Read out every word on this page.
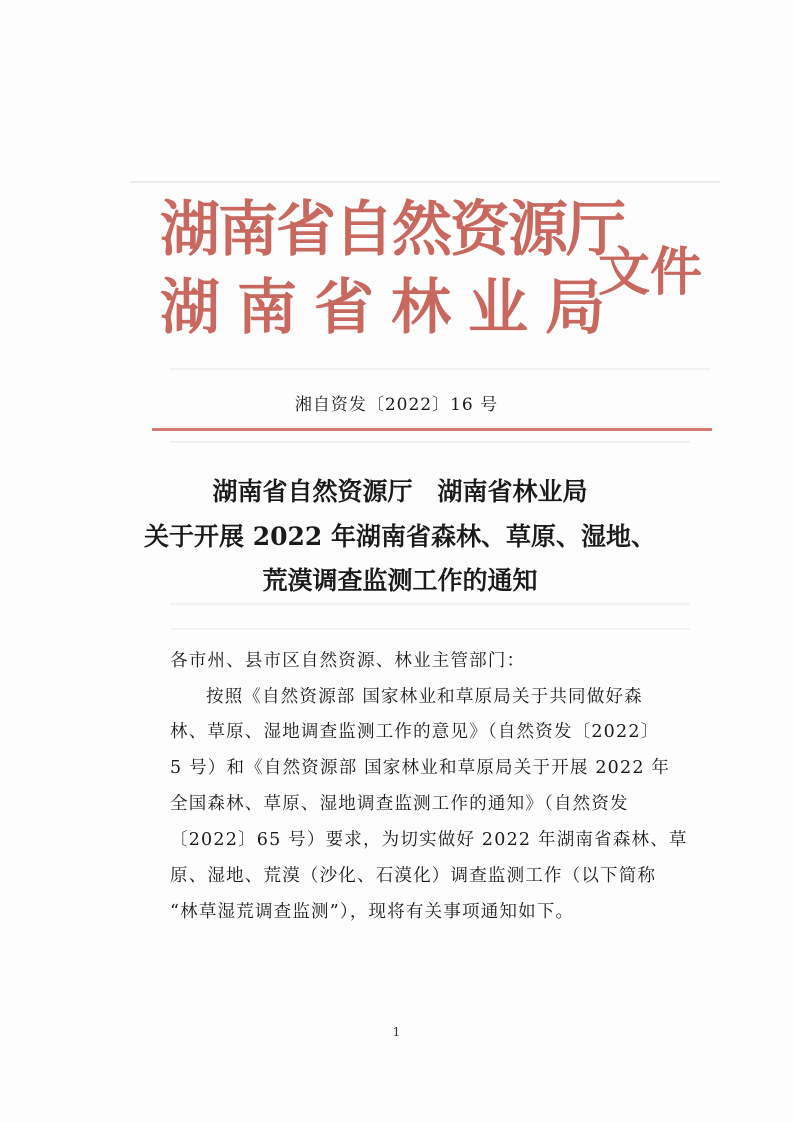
湖南省自然资源厅
湖南省林业局
文件
湘自资发〔2022〕16 号
湖南省自然资源厅　湖南省林业局
关于开展 2022 年湖南省森林、草原、湿地、
荒漠调查监测工作的通知
各市州、县市区自然资源、林业主管部门：
按照《自然资源部 国家林业和草原局关于共同做好森
林、草原、湿地调查监测工作的意见》（自然资发〔2022〕
5 号）和《自然资源部 国家林业和草原局关于开展 2022 年
全国森林、草原、湿地调查监测工作的通知》（自然资发
〔2022〕65 号）要求，为切实做好 2022 年湖南省森林、草
原、湿地、荒漠（沙化、石漠化）调查监测工作（以下简称
“林草湿荒调查监测”），现将有关事项通知如下。
1
